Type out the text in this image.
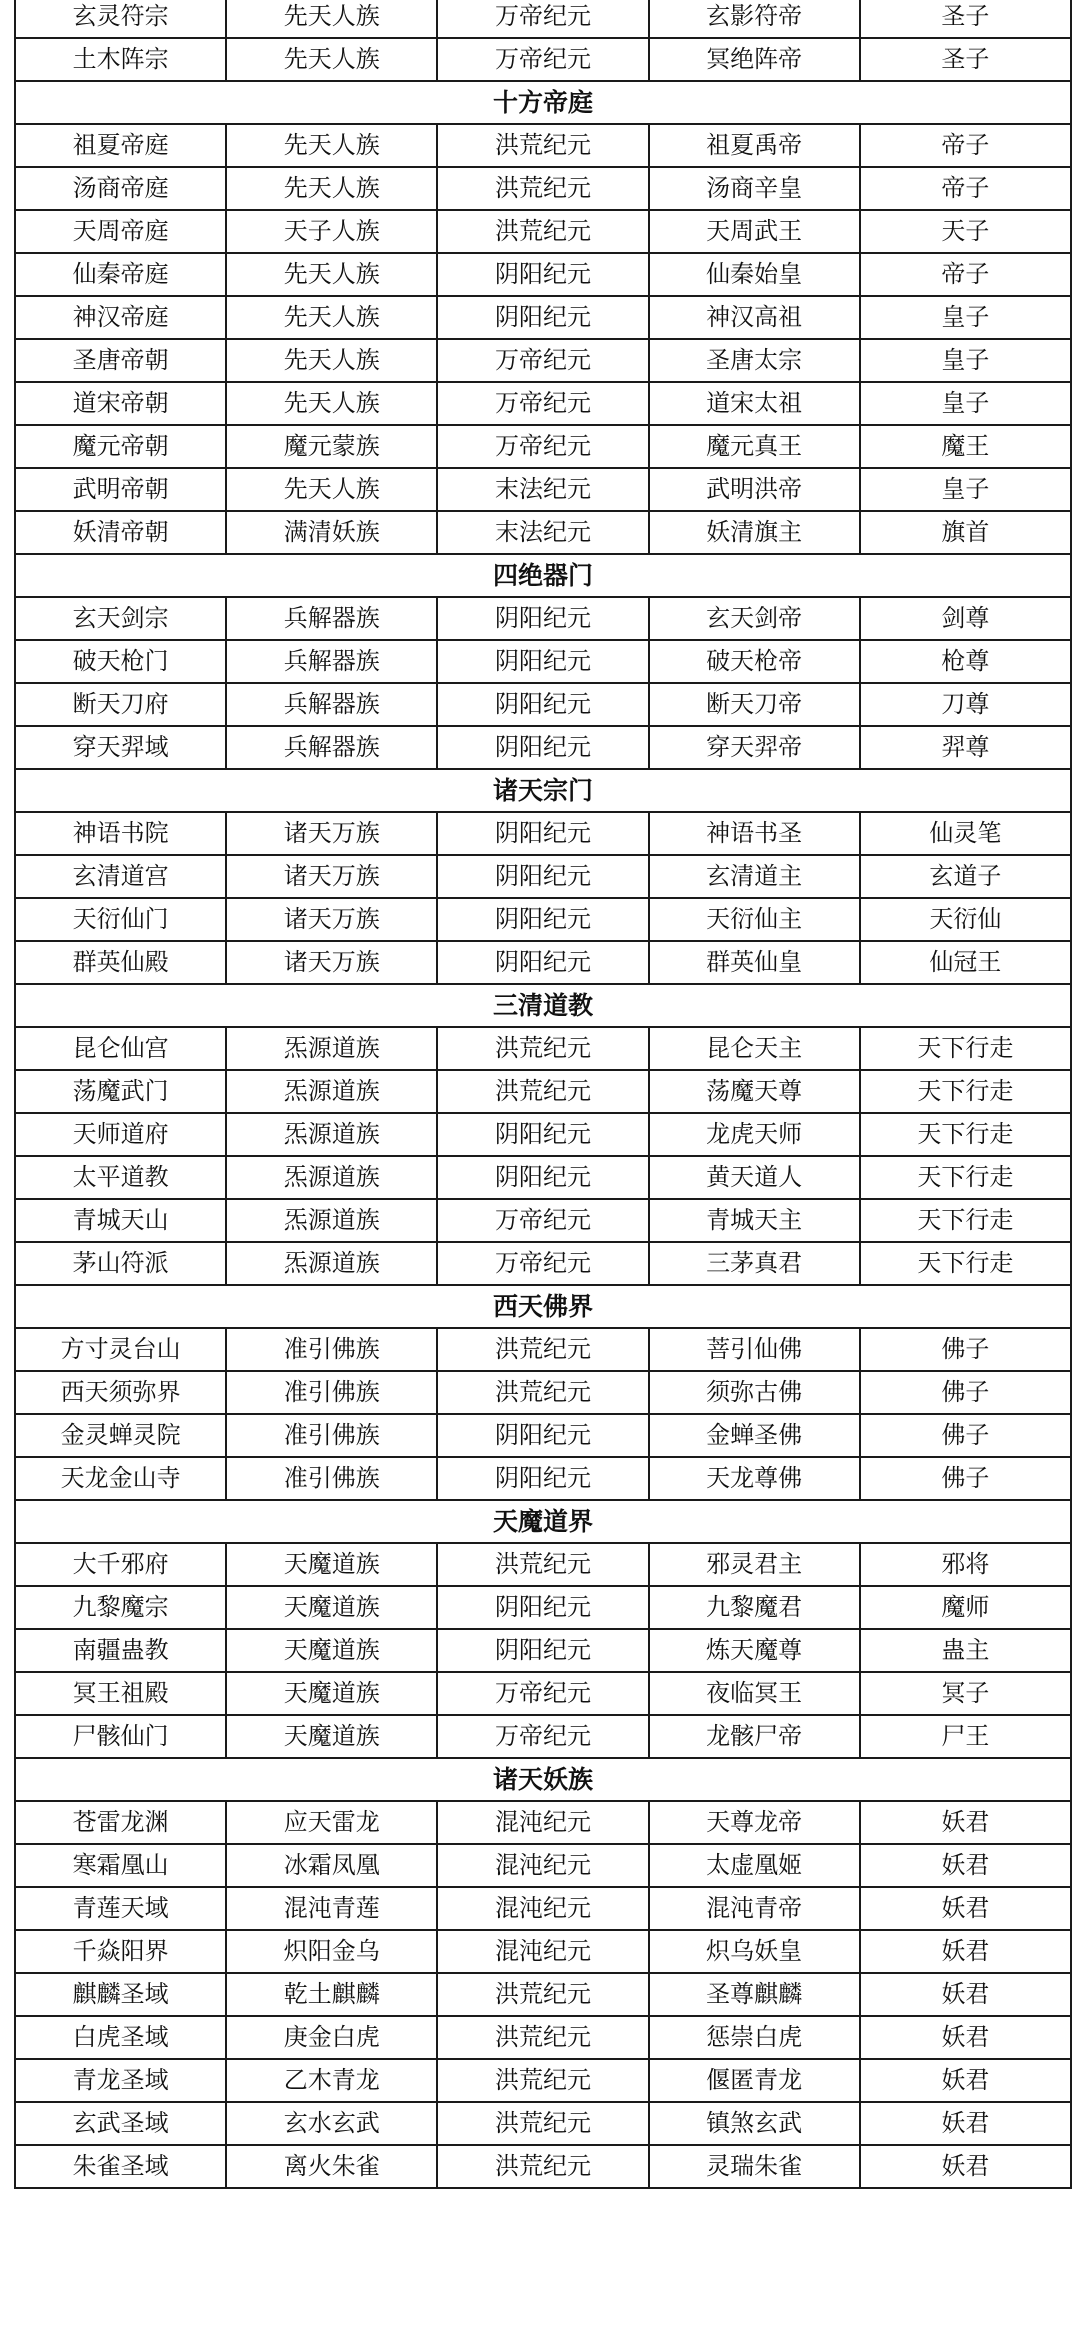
玄灵符宗	先天人族	万帝纪元	玄影符帝	圣子
土木阵宗	先天人族	万帝纪元	冥绝阵帝	圣子
十方帝庭				
祖夏帝庭	先天人族	洪荒纪元	祖夏禹帝	帝子
汤商帝庭	先天人族	洪荒纪元	汤商辛皇	帝子
天周帝庭	天子人族	洪荒纪元	天周武王	天子
仙秦帝庭	先天人族	阴阳纪元	仙秦始皇	帝子
神汉帝庭	先天人族	阴阳纪元	神汉高祖	皇子
圣唐帝朝	先天人族	万帝纪元	圣唐太宗	皇子
道宋帝朝	先天人族	万帝纪元	道宋太祖	皇子
魔元帝朝	魔元蒙族	万帝纪元	魔元真王	魔王
武明帝朝	先天人族	末法纪元	武明洪帝	皇子
妖清帝朝	满清妖族	末法纪元	妖清旗主	旗首
四绝器门				
玄天剑宗	兵解器族	阴阳纪元	玄天剑帝	剑尊
破天枪门	兵解器族	阴阳纪元	破天枪帝	枪尊
断天刀府	兵解器族	阴阳纪元	断天刀帝	刀尊
穿天羿域	兵解器族	阴阳纪元	穿天羿帝	羿尊
诸天宗门				
神语书院	诸天万族	阴阳纪元	神语书圣	仙灵笔
玄清道宫	诸天万族	阴阳纪元	玄清道主	玄道子
天衍仙门	诸天万族	阴阳纪元	天衍仙主	天衍仙
群英仙殿	诸天万族	阴阳纪元	群英仙皇	仙冠王
三清道教				
昆仑仙宫	炁源道族	洪荒纪元	昆仑天主	天下行走
荡魔武门	炁源道族	洪荒纪元	荡魔天尊	天下行走
天师道府	炁源道族	阴阳纪元	龙虎天师	天下行走
太平道教	炁源道族	阴阳纪元	黄天道人	天下行走
青城天山	炁源道族	万帝纪元	青城天主	天下行走
茅山符派	炁源道族	万帝纪元	三茅真君	天下行走
西天佛界				
方寸灵台山	准引佛族	洪荒纪元	菩引仙佛	佛子
西天须弥界	准引佛族	洪荒纪元	须弥古佛	佛子
金灵蝉灵院	准引佛族	阴阳纪元	金蝉圣佛	佛子
天龙金山寺	准引佛族	阴阳纪元	天龙尊佛	佛子
天魔道界				
大千邪府	天魔道族	洪荒纪元	邪灵君主	邪将
九黎魔宗	天魔道族	阴阳纪元	九黎魔君	魔师
南疆蛊教	天魔道族	阴阳纪元	炼天魔尊	蛊主
冥王祖殿	天魔道族	万帝纪元	夜临冥王	冥子
尸骸仙门	天魔道族	万帝纪元	龙骸尸帝	尸王
诸天妖族				
苍雷龙渊	应天雷龙	混沌纪元	天尊龙帝	妖君
寒霜凰山	冰霜凤凰	混沌纪元	太虚凰姬	妖君
青莲天域	混沌青莲	混沌纪元	混沌青帝	妖君
千焱阳界	炽阳金乌	混沌纪元	炽乌妖皇	妖君
麒麟圣域	乾土麒麟	洪荒纪元	圣尊麒麟	妖君
白虎圣域	庚金白虎	洪荒纪元	惩崇白虎	妖君
青龙圣域	乙木青龙	洪荒纪元	偃匿青龙	妖君
玄武圣域	玄水玄武	洪荒纪元	镇煞玄武	妖君
朱雀圣域	离火朱雀	洪荒纪元	灵瑞朱雀	妖君
